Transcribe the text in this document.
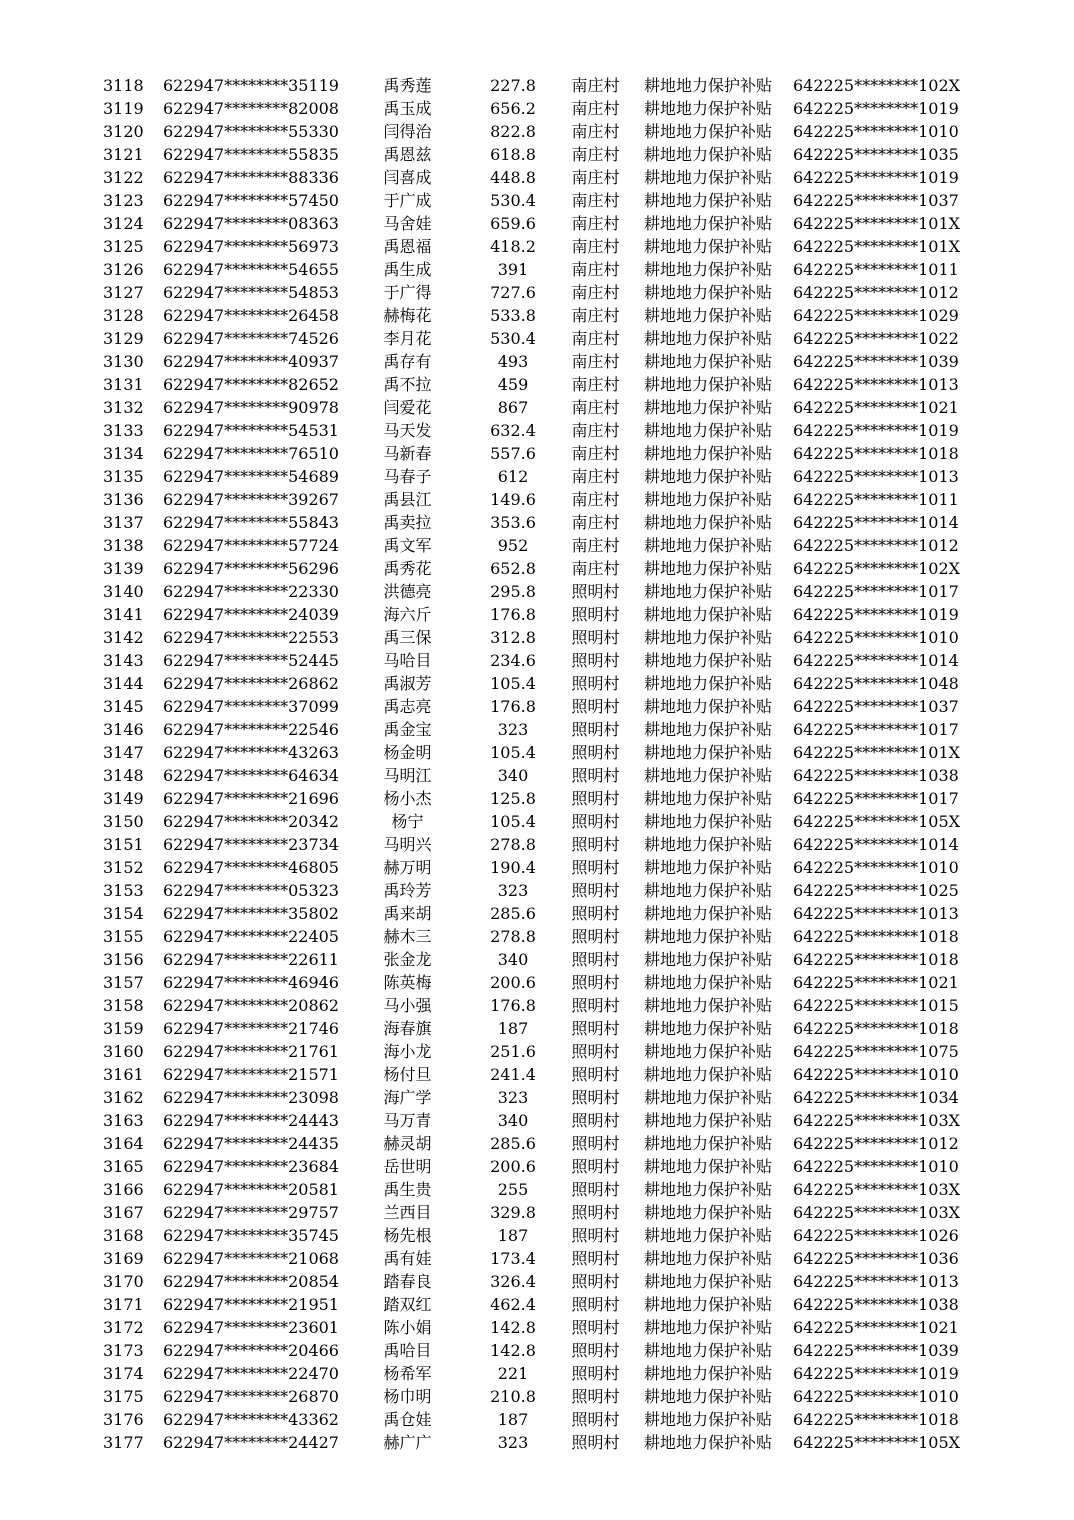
3118 622947********35119	禹秀莲	227.8	南庄村	耕地地力保护补贴 642225********102X
3119 622947********82008	禹玉成	656.2	南庄村	耕地地力保护补贴 642225********1019
3120 622947********55330	闫得治	822.8	南庄村	耕地地力保护补贴 642225********1010
3121 622947********55835	禹恩兹	618.8	南庄村	耕地地力保护补贴 642225********1035
3122 622947********88336	闫喜成	448.8	南庄村	耕地地力保护补贴 642225********1019
3123 622947********57450	于广成	530.4	南庄村	耕地地力保护补贴 642225********1037
3124 622947********08363	马舍娃	659.6	南庄村	耕地地力保护补贴 642225********101X
3125 622947********56973	禹恩福	418.2	南庄村	耕地地力保护补贴 642225********101X
3126 622947********54655	禹生成	391	南庄村	耕地地力保护补贴 642225********1011
3127 622947********54853	于广得	727.6	南庄村	耕地地力保护补贴 642225********1012
3128 622947********26458	赫梅花	533.8	南庄村	耕地地力保护补贴 642225********1029
3129 622947********74526	李月花	530.4	南庄村	耕地地力保护补贴 642225********1022
3130 622947********40937	禹存有	493	南庄村	耕地地力保护补贴 642225********1039
3131 622947********82652	禹不拉	459	南庄村	耕地地力保护补贴 642225********1013
3132 622947********90978	闫爱花	867	南庄村	耕地地力保护补贴 642225********1021
3133 622947********54531	马天发	632.4	南庄村	耕地地力保护补贴 642225********1019
3134 622947********76510	马新春	557.6	南庄村	耕地地力保护补贴 642225********1018
3135 622947********54689	马春子	612	南庄村	耕地地力保护补贴 642225********1013
3136 622947********39267	禹县江	149.6	南庄村	耕地地力保护补贴 642225********1011
3137 622947********55843	禹卖拉	353.6	南庄村	耕地地力保护补贴 642225********1014
3138 622947********57724	禹文军	952	南庄村	耕地地力保护补贴 642225********1012
3139 622947********56296	禹秀花	652.8	南庄村	耕地地力保护补贴 642225********102X
3140 622947********22330	洪德亮	295.8	照明村	耕地地力保护补贴 642225********1017
3141 622947********24039	海六斤	176.8	照明村	耕地地力保护补贴 642225********1019
3142 622947********22553	禹三保	312.8	照明村	耕地地力保护补贴 642225********1010
3143 622947********52445	马哈目	234.6	照明村	耕地地力保护补贴 642225********1014
3144 622947********26862	禹淑芳	105.4	照明村	耕地地力保护补贴 642225********1048
3145 622947********37099	禹志亮	176.8	照明村	耕地地力保护补贴 642225********1037
3146 622947********22546	禹金宝	323	照明村	耕地地力保护补贴 642225********1017
3147 622947********43263	杨金明	105.4	照明村	耕地地力保护补贴 642225********101X
3148 622947********64634	马明江	340	照明村	耕地地力保护补贴 642225********1038
3149 622947********21696	杨小杰	125.8	照明村	耕地地力保护补贴 642225********1017
3150 622947********20342	杨宁	105.4	照明村	耕地地力保护补贴 642225********105X
3151 622947********23734	马明兴	278.8	照明村	耕地地力保护补贴 642225********1014
3152 622947********46805	赫万明	190.4	照明村	耕地地力保护补贴 642225********1010
3153 622947********05323	禹玲芳	323	照明村	耕地地力保护补贴 642225********1025
3154 622947********35802	禹来胡	285.6	照明村	耕地地力保护补贴 642225********1013
3155 622947********22405	赫木三	278.8	照明村	耕地地力保护补贴 642225********1018
3156 622947********22611	张金龙	340	照明村	耕地地力保护补贴 642225********1018
3157 622947********46946	陈英梅	200.6	照明村	耕地地力保护补贴 642225********1021
3158 622947********20862	马小强	176.8	照明村	耕地地力保护补贴 642225********1015
3159 622947********21746	海春旗	187	照明村	耕地地力保护补贴 642225********1018
3160 622947********21761	海小龙	251.6	照明村	耕地地力保护补贴 642225********1075
3161 622947********21571	杨付旦	241.4	照明村	耕地地力保护补贴 642225********1010
3162 622947********23098	海广学	323	照明村	耕地地力保护补贴 642225********1034
3163 622947********24443	马万青	340	照明村	耕地地力保护补贴 642225********103X
3164 622947********24435	赫灵胡	285.6	照明村	耕地地力保护补贴 642225********1012
3165 622947********23684	岳世明	200.6	照明村	耕地地力保护补贴 642225********1010
3166 622947********20581	禹生贵	255	照明村	耕地地力保护补贴 642225********103X
3167 622947********29757	兰西目	329.8	照明村	耕地地力保护补贴 642225********103X
3168 622947********35745	杨先根	187	照明村	耕地地力保护补贴 642225********1026
3169 622947********21068	禹有娃	173.4	照明村	耕地地力保护补贴 642225********1036
3170 622947********20854	踏春良	326.4	照明村	耕地地力保护补贴 642225********1013
3171 622947********21951	踏双红	462.4	照明村	耕地地力保护补贴 642225********1038
3172 622947********23601	陈小娟	142.8	照明村	耕地地力保护补贴 642225********1021
3173 622947********20466	禹哈目	142.8	照明村	耕地地力保护补贴 642225********1039
3174 622947********22470	杨希军	221	照明村	耕地地力保护补贴 642225********1019
3175 622947********26870	杨巾明	210.8	照明村	耕地地力保护补贴 642225********1010
3176 622947********43362	禹仓娃	187	照明村	耕地地力保护补贴 642225********1018
3177 622947********24427	赫广广	323	照明村	耕地地力保护补贴 642225********105X
